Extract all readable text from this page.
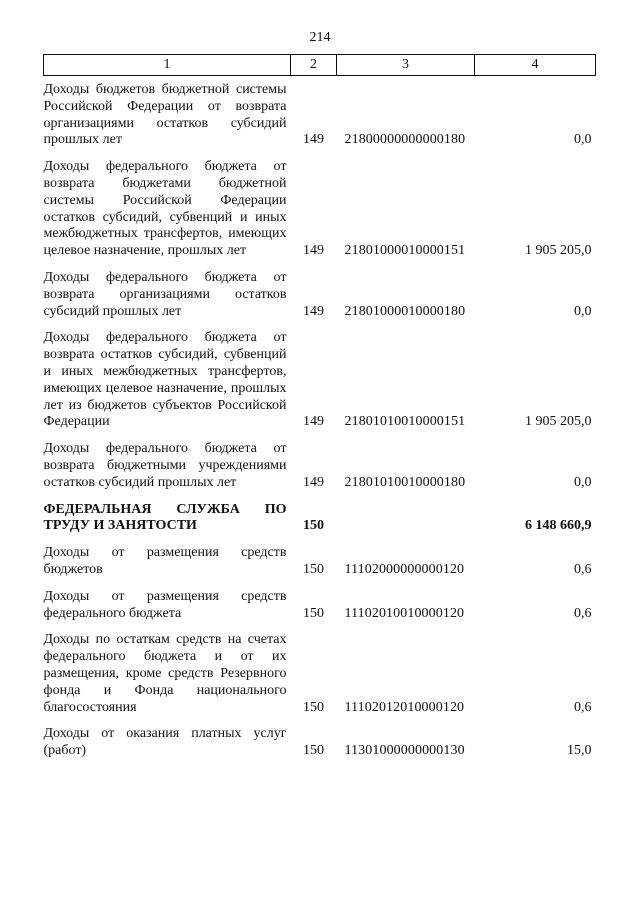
214
1	2	3	4
Доходы бюджетов бюджетной системы Российской Федерации от возврата организациями остатков субсидий прошлых лет	149	21800000000000180	0,0
Доходы федерального бюджета от возврата бюджетами бюджетной системы Российской Федерации остатков субсидий, субвенций и иных межбюджетных трансфертов, имеющих целевое назначение, прошлых лет	149	21801000010000151	1 905 205,0
Доходы федерального бюджета от возврата организациями остатков субсидий прошлых лет	149	21801000010000180	0,0
Доходы федерального бюджета от возврата остатков субсидий, субвенций и иных межбюджетных трансфертов, имеющих целевое назначение, прошлых лет из бюджетов субъектов Российской Федерации	149	21801010010000151	1 905 205,0
Доходы федерального бюджета от возврата бюджетными учреждениями остатков субсидий прошлых лет	149	21801010010000180	0,0
ФЕДЕРАЛЬНАЯ СЛУЖБА ПО ТРУДУ И ЗАНЯТОСТИ	150		6 148 660,9
Доходы от размещения средств бюджетов	150	11102000000000120	0,6
Доходы от размещения средств федерального бюджета	150	11102010010000120	0,6
Доходы по остаткам средств на счетах федерального бюджета и от их размещения, кроме средств Резервного фонда и Фонда национального благосостояния	150	11102012010000120	0,6
Доходы от оказания платных услуг (работ)	150	11301000000000130	15,0
